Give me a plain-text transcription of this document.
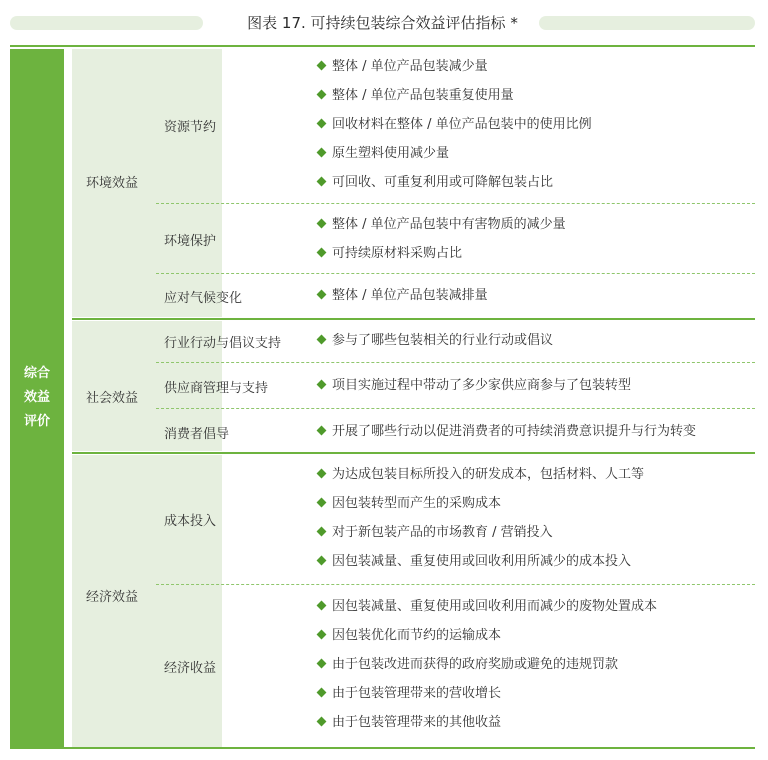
图表 17. 可持续包装综合效益评估指标 *
综合效益评价
环境效益
社会效益
经济效益
资源节约
环境保护
应对气候变化
行业行动与倡议支持
供应商管理与支持
消费者倡导
成本投入
经济收益
整体 / 单位产品包装减少量
整体 / 单位产品包装重复使用量
回收材料在整体 / 单位产品包装中的使用比例
原生塑料使用减少量
可回收、可重复利用或可降解包装占比
整体 / 单位产品包装中有害物质的减少量
可持续原材料采购占比
整体 / 单位产品包装减排量
参与了哪些包装相关的行业行动或倡议
项目实施过程中带动了多少家供应商参与了包装转型
开展了哪些行动以促进消费者的可持续消费意识提升与行为转变
为达成包装目标所投入的研发成本，包括材料、人工等
因包装转型而产生的采购成本
对于新包装产品的市场教育 / 营销投入
因包装减量、重复使用或回收利用所减少的成本投入
因包装减量、重复使用或回收利用而减少的废物处置成本
因包装优化而节约的运输成本
由于包装改进而获得的政府奖励或避免的违规罚款
由于包装管理带来的营收增长
由于包装管理带来的其他收益
